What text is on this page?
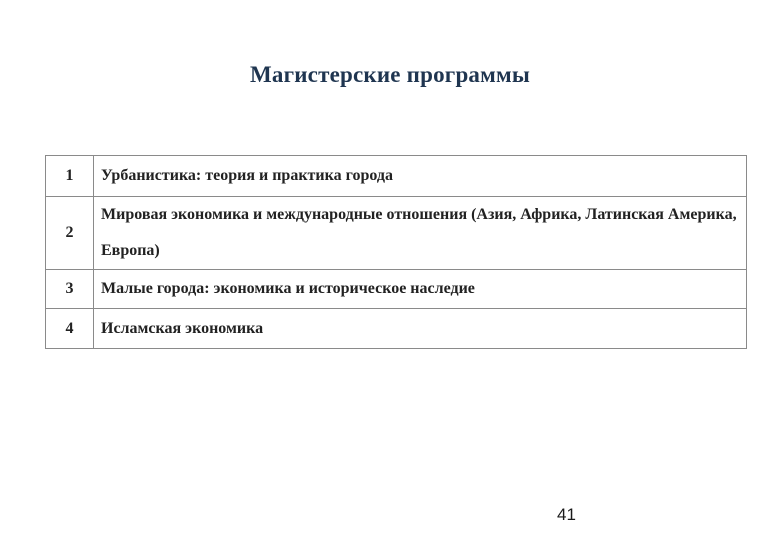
Магистерские программы
1	Урбанистика: теория и практика города
2	Мировая экономика и международные отношения (Азия, Африка, Латинская Америка, Европа)
3	Малые города: экономика и историческое наследие
4	Исламская экономика
41
